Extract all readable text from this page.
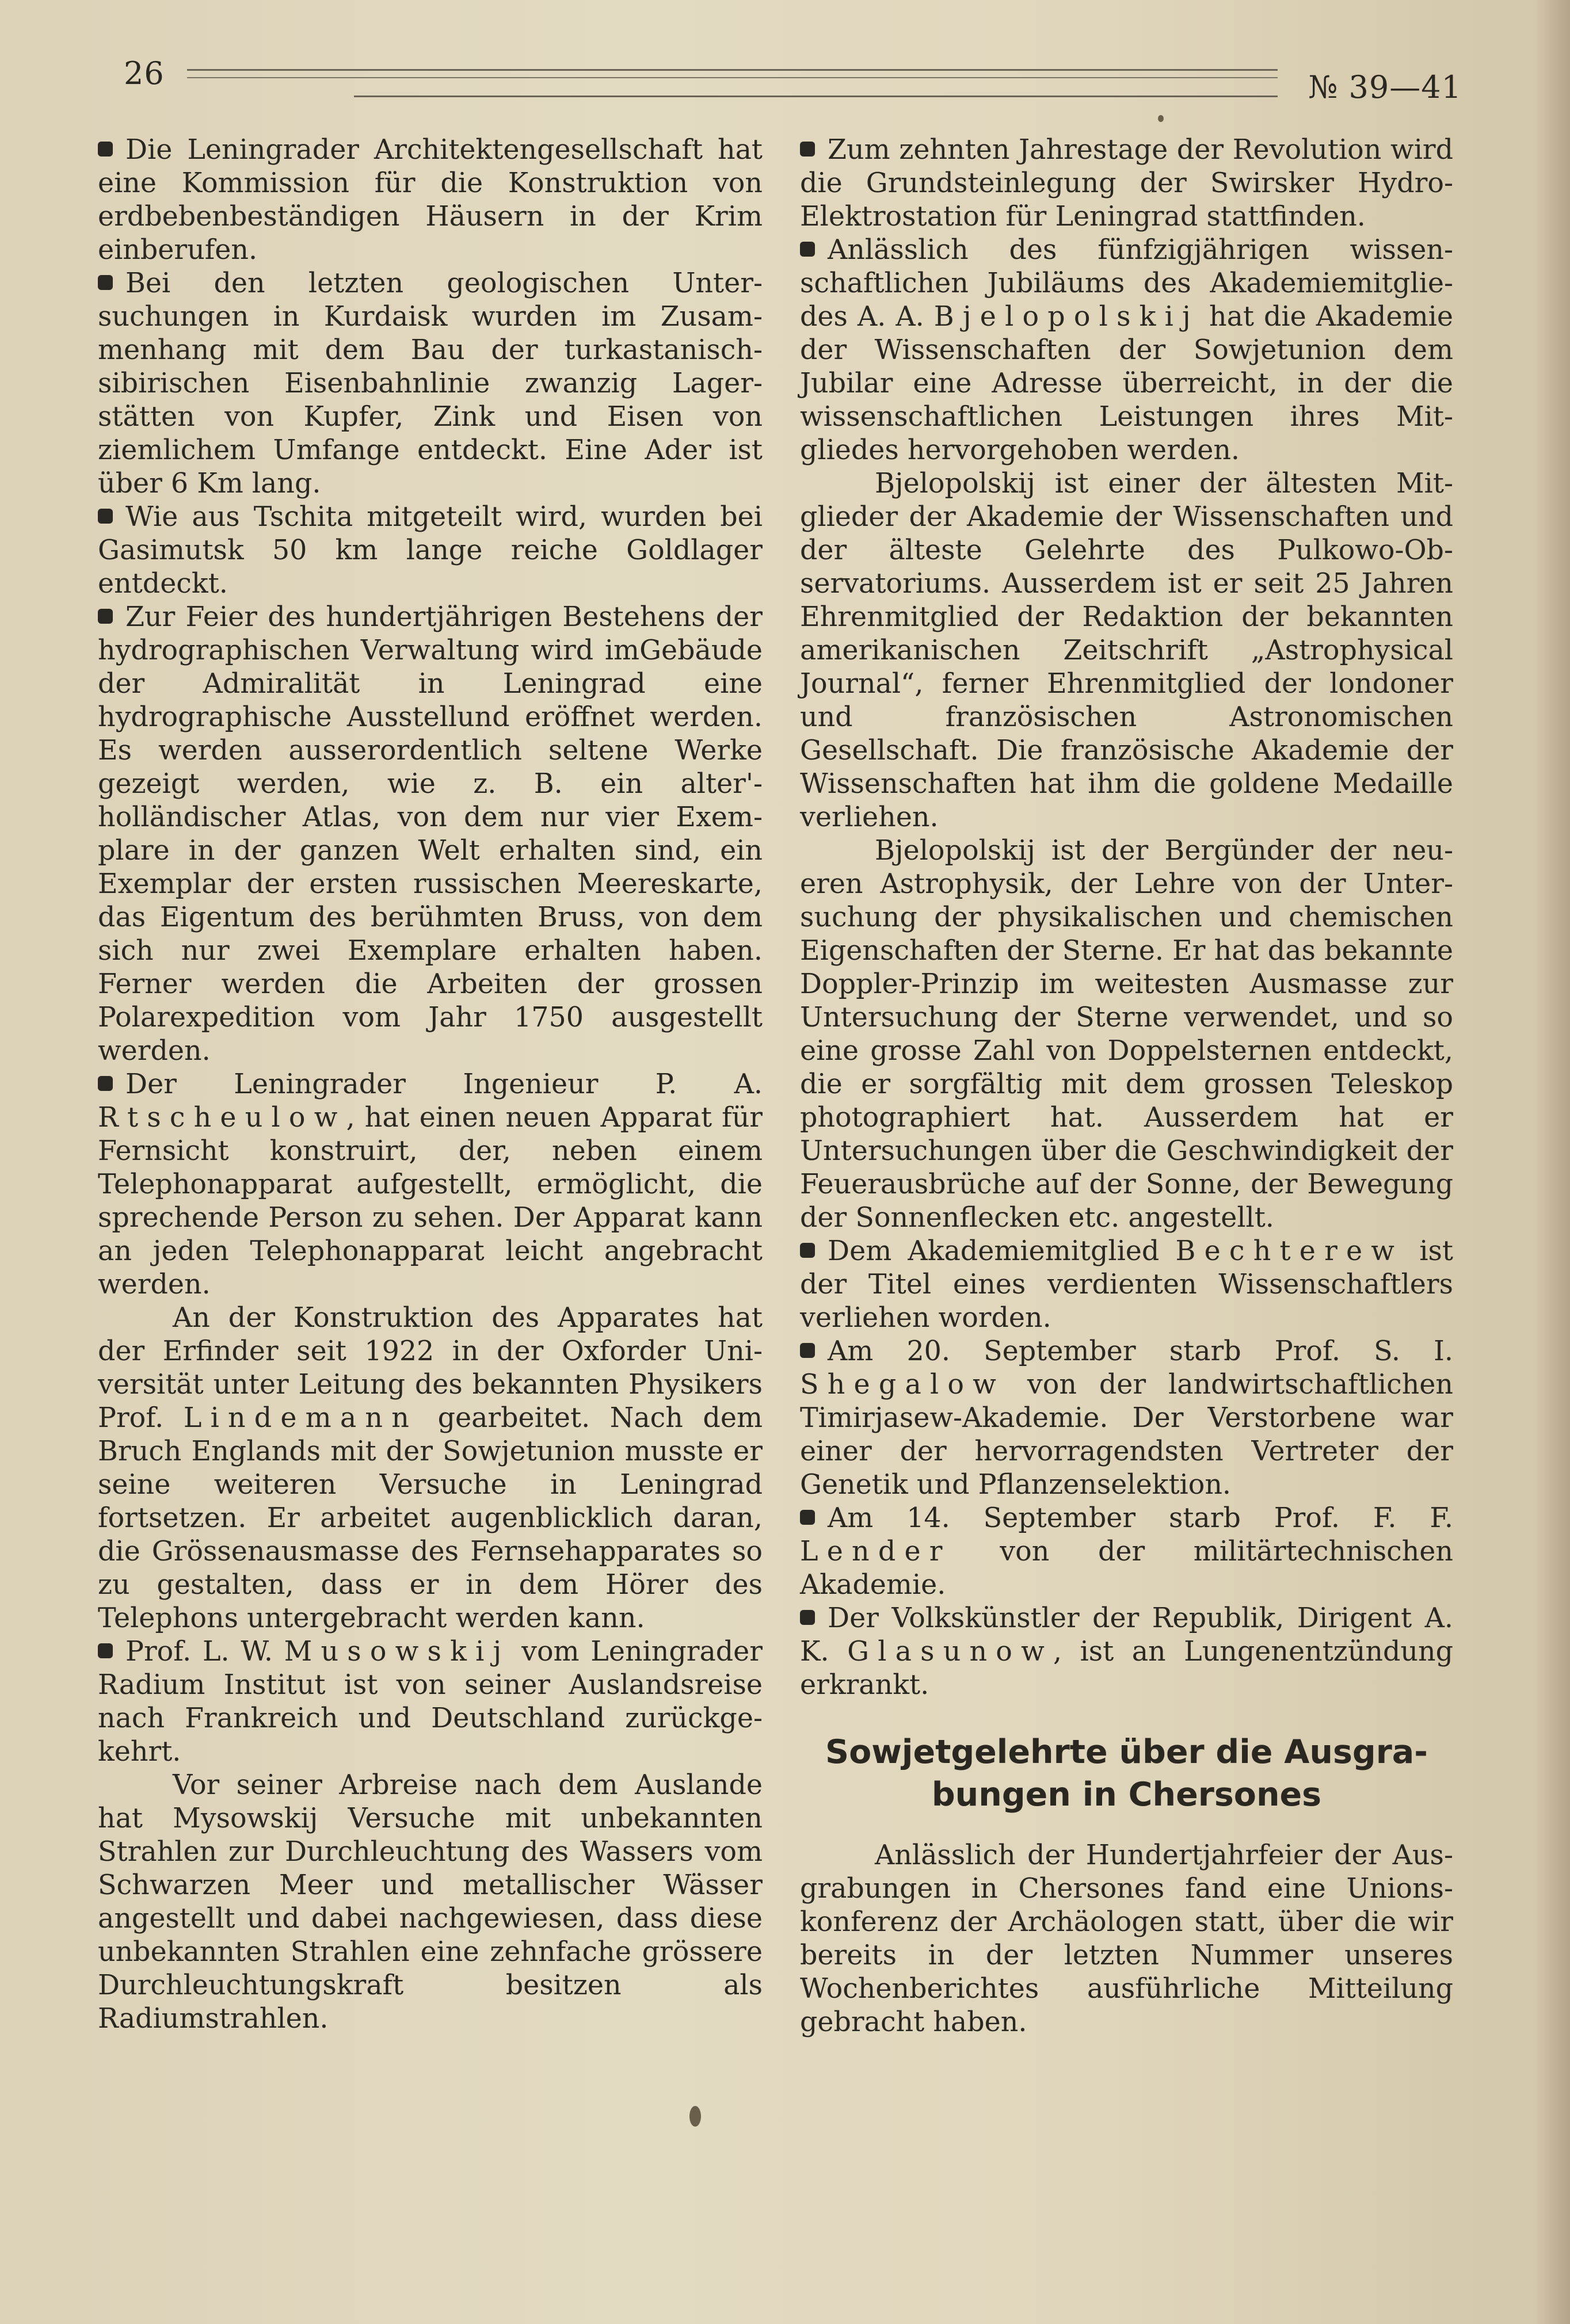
26	№ 39—41

Die Leningrader Architektengesellschaft hat eine Kommission für die Konstruktion von erdbebenbeständigen Häusern in der Krim einberufen.

Bei den letzten geologischen Untersuchungen in Kurdaisk wurden im Zusammenhang mit dem Bau der turkastanisch-sibirischen Eisenbahnlinie zwanzig Lagerstätten von Kupfer, Zink und Eisen von ziemlichem Umfange entdeckt. Eine Ader ist über 6 Km lang.

Wie aus Tschita mitgeteilt wird, wurden bei Gasimutsk 50 km lange reiche Goldlager entdeckt.

Zur Feier des hundertjährigen Bestehens der hydrographischen Verwaltung wird imGebäude der Admiralität in Leningrad eine hydrographische Ausstellund eröffnet werden. Es werden ausserordentlich seltene Werke gezeigt werden, wie z. B. ein alter'-holländischer Atlas, von dem nur vier Exemplare in der ganzen Welt erhalten sind, ein Exemplar der ersten russischen Meereskarte, das Eigentum des berühmten Bruss, von dem sich nur zwei Exemplare erhalten haben. Ferner werden die Arbeiten der grossen Polarexpedition vom Jahr 1750 ausgestellt werden.

Der Leningrader Ingenieur P. A. Rtscheulow, hat einen neuen Apparat für Fernsicht konstruirt, der, neben einem Telephonapparat aufgestellt, ermöglicht, die sprechende Person zu sehen. Der Apparat kann an jeden Telephonapparat leicht angebracht werden.

An der Konstruktion des Apparates hat der Erfinder seit 1922 in der Oxforder Universität unter Leitung des bekannten Physikers Prof. Lindemann gearbeitet. Nach dem Bruch Englands mit der Sowjetunion musste er seine weiteren Versuche in Leningrad fortsetzen. Er arbeitet augenblicklich daran, die Grössenausmasse des Fernsehapparates so zu gestalten, dass er in dem Hörer des Telephons untergebracht werden kann.

Prof. L. W. Musowskij vom Leningrader Radium Institut ist von seiner Auslandsreise nach Frankreich und Deutschland zurückgekehrt.

Vor seiner Arbreise nach dem Auslande hat Mysowskij Versuche mit unbekannten Strahlen zur Durchleuchtung des Wassers vom Schwarzen Meer und metallischer Wässer angestellt und dabei nachgewiesen, dass diese unbekannten Strahlen eine zehnfache grössere Durchleuchtungskraft besitzen als Radiumstrahlen.

Zum zehnten Jahrestage der Revolution wird die Grundsteinlegung der Swirsker Hydro-Elektrostation für Leningrad stattfinden.

Anlässlich des fünfzigjährigen wissenschaftlichen Jubiläums des Akademiemitgliedes A. A. Bjelopolskij hat die Akademie der Wissenschaften der Sowjetunion dem Jubilar eine Adresse überreicht, in der die wissenschaftlichen Leistungen ihres Mitgliedes hervorgehoben werden.

Bjelopolskij ist einer der ältesten Mitglieder der Akademie der Wissenschaften und der älteste Gelehrte des Pulkowo-Observatoriums. Ausserdem ist er seit 25 Jahren Ehrenmitglied der Redaktion der bekannten amerikanischen Zeitschrift „Astrophysical Journal“, ferner Ehrenmitglied der londoner und französischen Astronomischen Gesellschaft. Die französische Akademie der Wissenschaften hat ihm die goldene Medaille verliehen.

Bjelopolskij ist der Bergünder der neueren Astrophysik, der Lehre von der Untersuchung der physikalischen und chemischen Eigenschaften der Sterne. Er hat das bekannte Doppler-Prinzip im weitesten Ausmasse zur Untersuchung der Sterne verwendet, und so eine grosse Zahl von Doppelsternen entdeckt, die er sorgfältig mit dem grossen Teleskop photographiert hat. Ausserdem hat er Untersuchungen über die Geschwindigkeit der Feuerausbrüche auf der Sonne, der Bewegung der Sonnenflecken etc. angestellt.

Dem Akademiemitglied Bechterew ist der Titel eines verdienten Wissenschaftlers verliehen worden.

Am 20. September starb Prof. S. I. Shegalow von der landwirtschaftlichen Timirjasew-Akademie. Der Verstorbene war einer der hervorragendsten Vertreter der Genetik und Pflanzenselektion.

Am 14. September starb Prof. F. F. Lender von der militärtechnischen Akademie.

Der Volkskünstler der Republik, Dirigent A. K. Glasunow, ist an Lungenentzündung erkrankt.

Sowjetgelehrte über die Ausgrabungen in Chersones

Anlässlich der Hundertjahrfeier der Ausgrabungen in Chersones fand eine Unionskonferenz der Archäologen statt, über die wir bereits in der letzten Nummer unseres Wochenberichtes ausführliche Mitteilung gebracht haben.
